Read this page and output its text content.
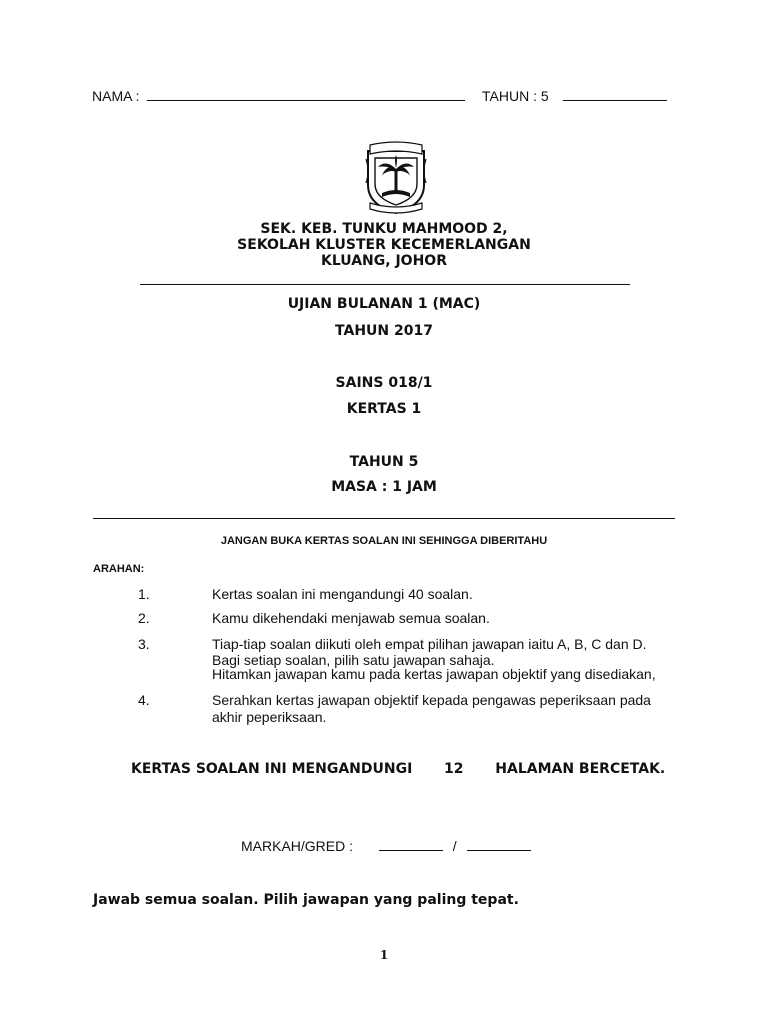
NAMA :	TAHUN : 5
SEK. KEB. TUNKU MAHMOOD 2,
SEKOLAH KLUSTER KECEMERLANGAN
KLUANG, JOHOR
UJIAN BULANAN 1 (MAC)
TAHUN 2017
SAINS 018/1
KERTAS 1
TAHUN 5
MASA : 1 JAM
JANGAN BUKA KERTAS SOALAN INI SEHINGGA DIBERITAHU
ARAHAN:
1.	Kertas soalan ini mengandungi 40 soalan.
2.	Kamu dikehendaki menjawab semua soalan.
3.	Tiap-tiap soalan diikuti oleh empat pilihan jawapan iaitu A, B, C dan D.
Bagi setiap soalan, pilih satu jawapan sahaja.
Hitamkan jawapan kamu pada kertas jawapan objektif yang disediakan,
4.	Serahkan kertas jawapan objektif kepada pengawas peperiksaan pada
akhir peperiksaan.
KERTAS SOALAN INI MENGANDUNGI 12 HALAMAN BERCETAK.
MARKAH/GRED :	/
Jawab semua soalan. Pilih jawapan yang paling tepat.
1
